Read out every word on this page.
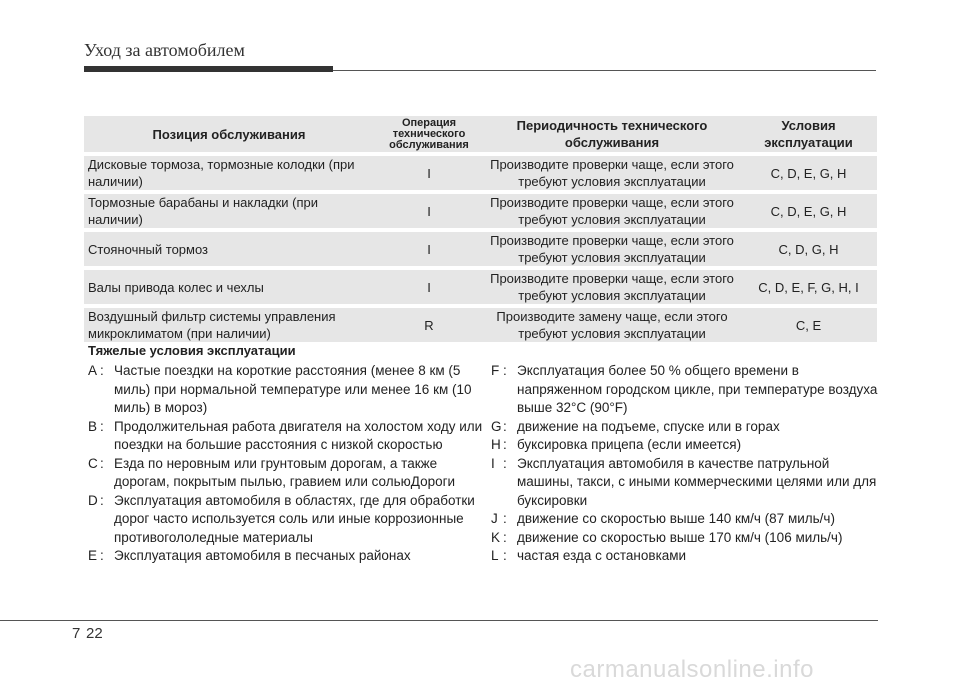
Уход за автомобилем
Позиция обслуживания	Операция технического обслуживания	Периодичность технического обслуживания	Условия эксплуатации
Дисковые тормоза, тормозные колодки (при наличии)	I	Производите проверки чаще, если этого требуют условия эксплуатации	C, D, E, G, H
Тормозные барабаны и накладки (при наличии)	I	Производите проверки чаще, если этого требуют условия эксплуатации	C, D, E, G, H
Стояночный тормоз	I	Производите проверки чаще, если этого требуют условия эксплуатации	C, D, G, H
Валы привода колес и чехлы	I	Производите проверки чаще, если этого требуют условия эксплуатации	C, D, E, F, G, H, I
Воздушный фильтр системы управления микроклиматом (при наличии)	R	Производите замену чаще, если этого требуют условия эксплуатации	C, E
Тяжелые условия эксплуатации
A : Частые поездки на короткие расстояния (менее 8 км (5 миль) при нормальной температуре или менее 16 км (10 миль) в мороз)
B : Продолжительная работа двигателя на холостом ходу или поездки на большие расстояния с низкой скоростью
C : Езда по неровным или грунтовым дорогам, а также дорогам, покрытым пылью, гравием или сольюДороги
D : Эксплуатация автомобиля в областях, где для обработки дорог часто используется соль или иные коррозионные противогололедные материалы
E : Эксплуатация автомобиля в песчаных районах
F : Эксплуатация более 50 % общего времени в напряженном городском цикле, при температуре воздуха выше 32°C (90°F)
G : движение на подъеме, спуске или в горах
H : буксировка прицепа (если имеется)
I : Эксплуатация автомобиля в качестве патрульной машины, такси, с иными коммерческими целями или для буксировки
J : движение со скоростью выше 140 км/ч (87 миль/ч)
K : движение со скоростью выше 170 км/ч (106 миль/ч)
L : частая езда с остановками
7 22
carmanualsonline.info
